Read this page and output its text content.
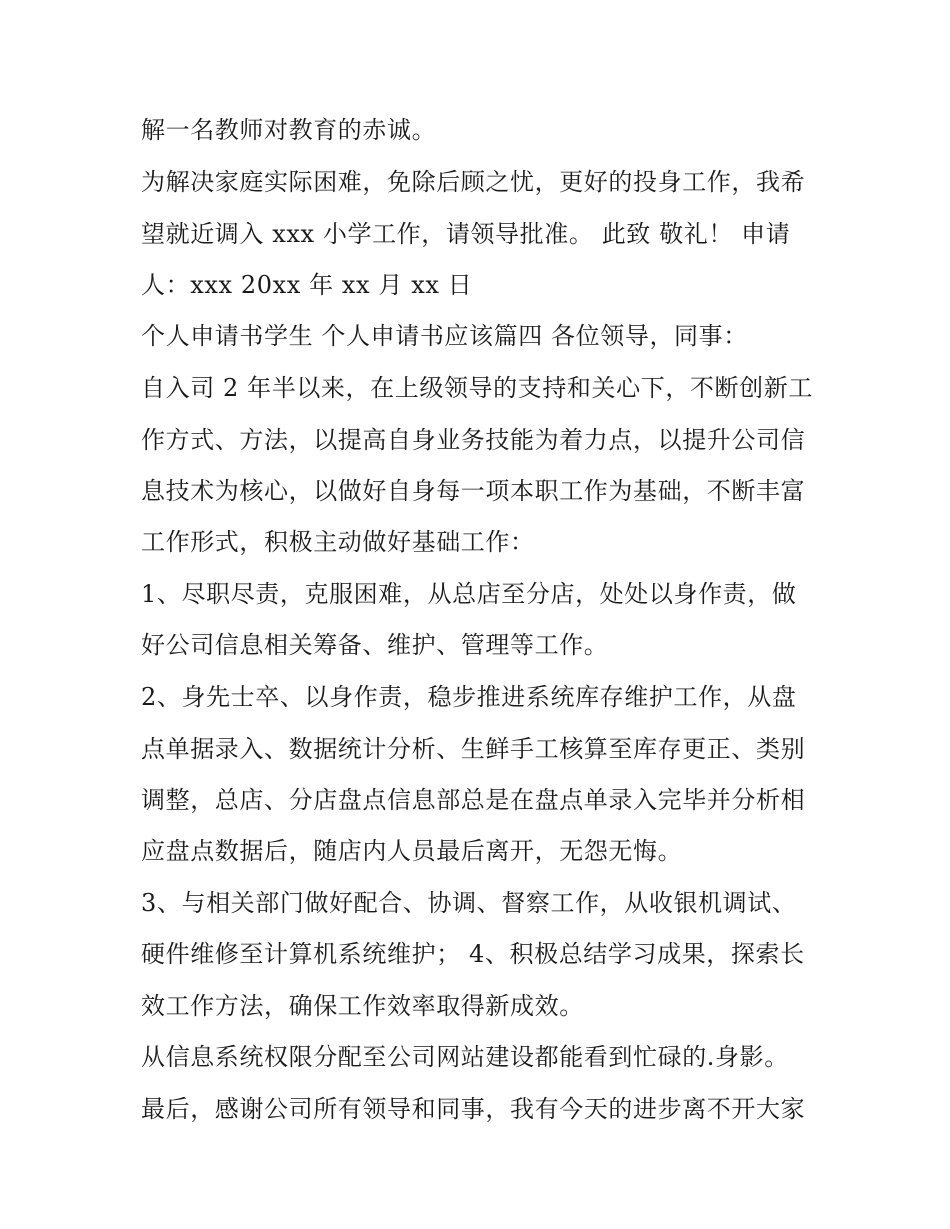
解一名教师对教育的赤诚。
为解决家庭实际困难，免除后顾之忧，更好的投身工作，我希
望就近调入 xxx 小学工作，请领导批准。 此致 敬礼！ 申请
人：xxx 20xx 年 xx 月 xx 日
个人申请书学生 个人申请书应该篇四 各位领导，同事：
自入司 2 年半以来，在上级领导的支持和关心下，不断创新工
作方式、方法，以提高自身业务技能为着力点，以提升公司信
息技术为核心，以做好自身每一项本职工作为基础，不断丰富
工作形式，积极主动做好基础工作：
1、尽职尽责，克服困难，从总店至分店，处处以身作责，做
好公司信息相关筹备、维护、管理等工作。
2、身先士卒、以身作责，稳步推进系统库存维护工作，从盘
点单据录入、数据统计分析、生鲜手工核算至库存更正、类别
调整，总店、分店盘点信息部总是在盘点单录入完毕并分析相
应盘点数据后，随店内人员最后离开，无怨无悔。
3、与相关部门做好配合、协调、督察工作，从收银机调试、
硬件维修至计算机系统维护； 4、积极总结学习成果，探索长
效工作方法，确保工作效率取得新成效。
从信息系统权限分配至公司网站建设都能看到忙碌的.身影。
最后，感谢公司所有领导和同事，我有今天的进步离不开大家
